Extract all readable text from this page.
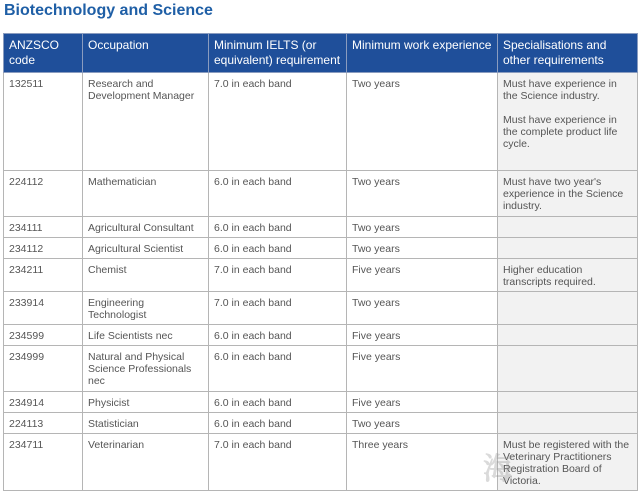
Biotechnology and Science
ANZSCO code	Occupation	Minimum IELTS (or equivalent) requirement	Minimum work experience	Specialisations and other requirements
132511	Research and Development Manager	7.0 in each band	Two years	Must have experience in the Science industry.

Must have experience in the complete product life cycle.

224112	Mathematician	6.0 in each band	Two years	Must have two year's experience in the Science industry.

234111	Agricultural Consultant	6.0 in each band	Two years	
234112	Agricultural Scientist	6.0 in each band	Two years	
234211	Chemist	7.0 in each band	Five years	Higher education transcripts required.

233914	Engineering Technologist	7.0 in each band	Two years	
234599	Life Scientists nec	6.0 in each band	Five years	
234999	Natural and Physical Science Professionals nec	6.0 in each band	Five years	
234914	Physicist	6.0 in each band	Five years	
224113	Statistician	6.0 in each band	Two years	
234711	Veterinarian	7.0 in each band	Three years	Must be registered with the Veterinary Practitioners Registration Board of Victoria.

海
